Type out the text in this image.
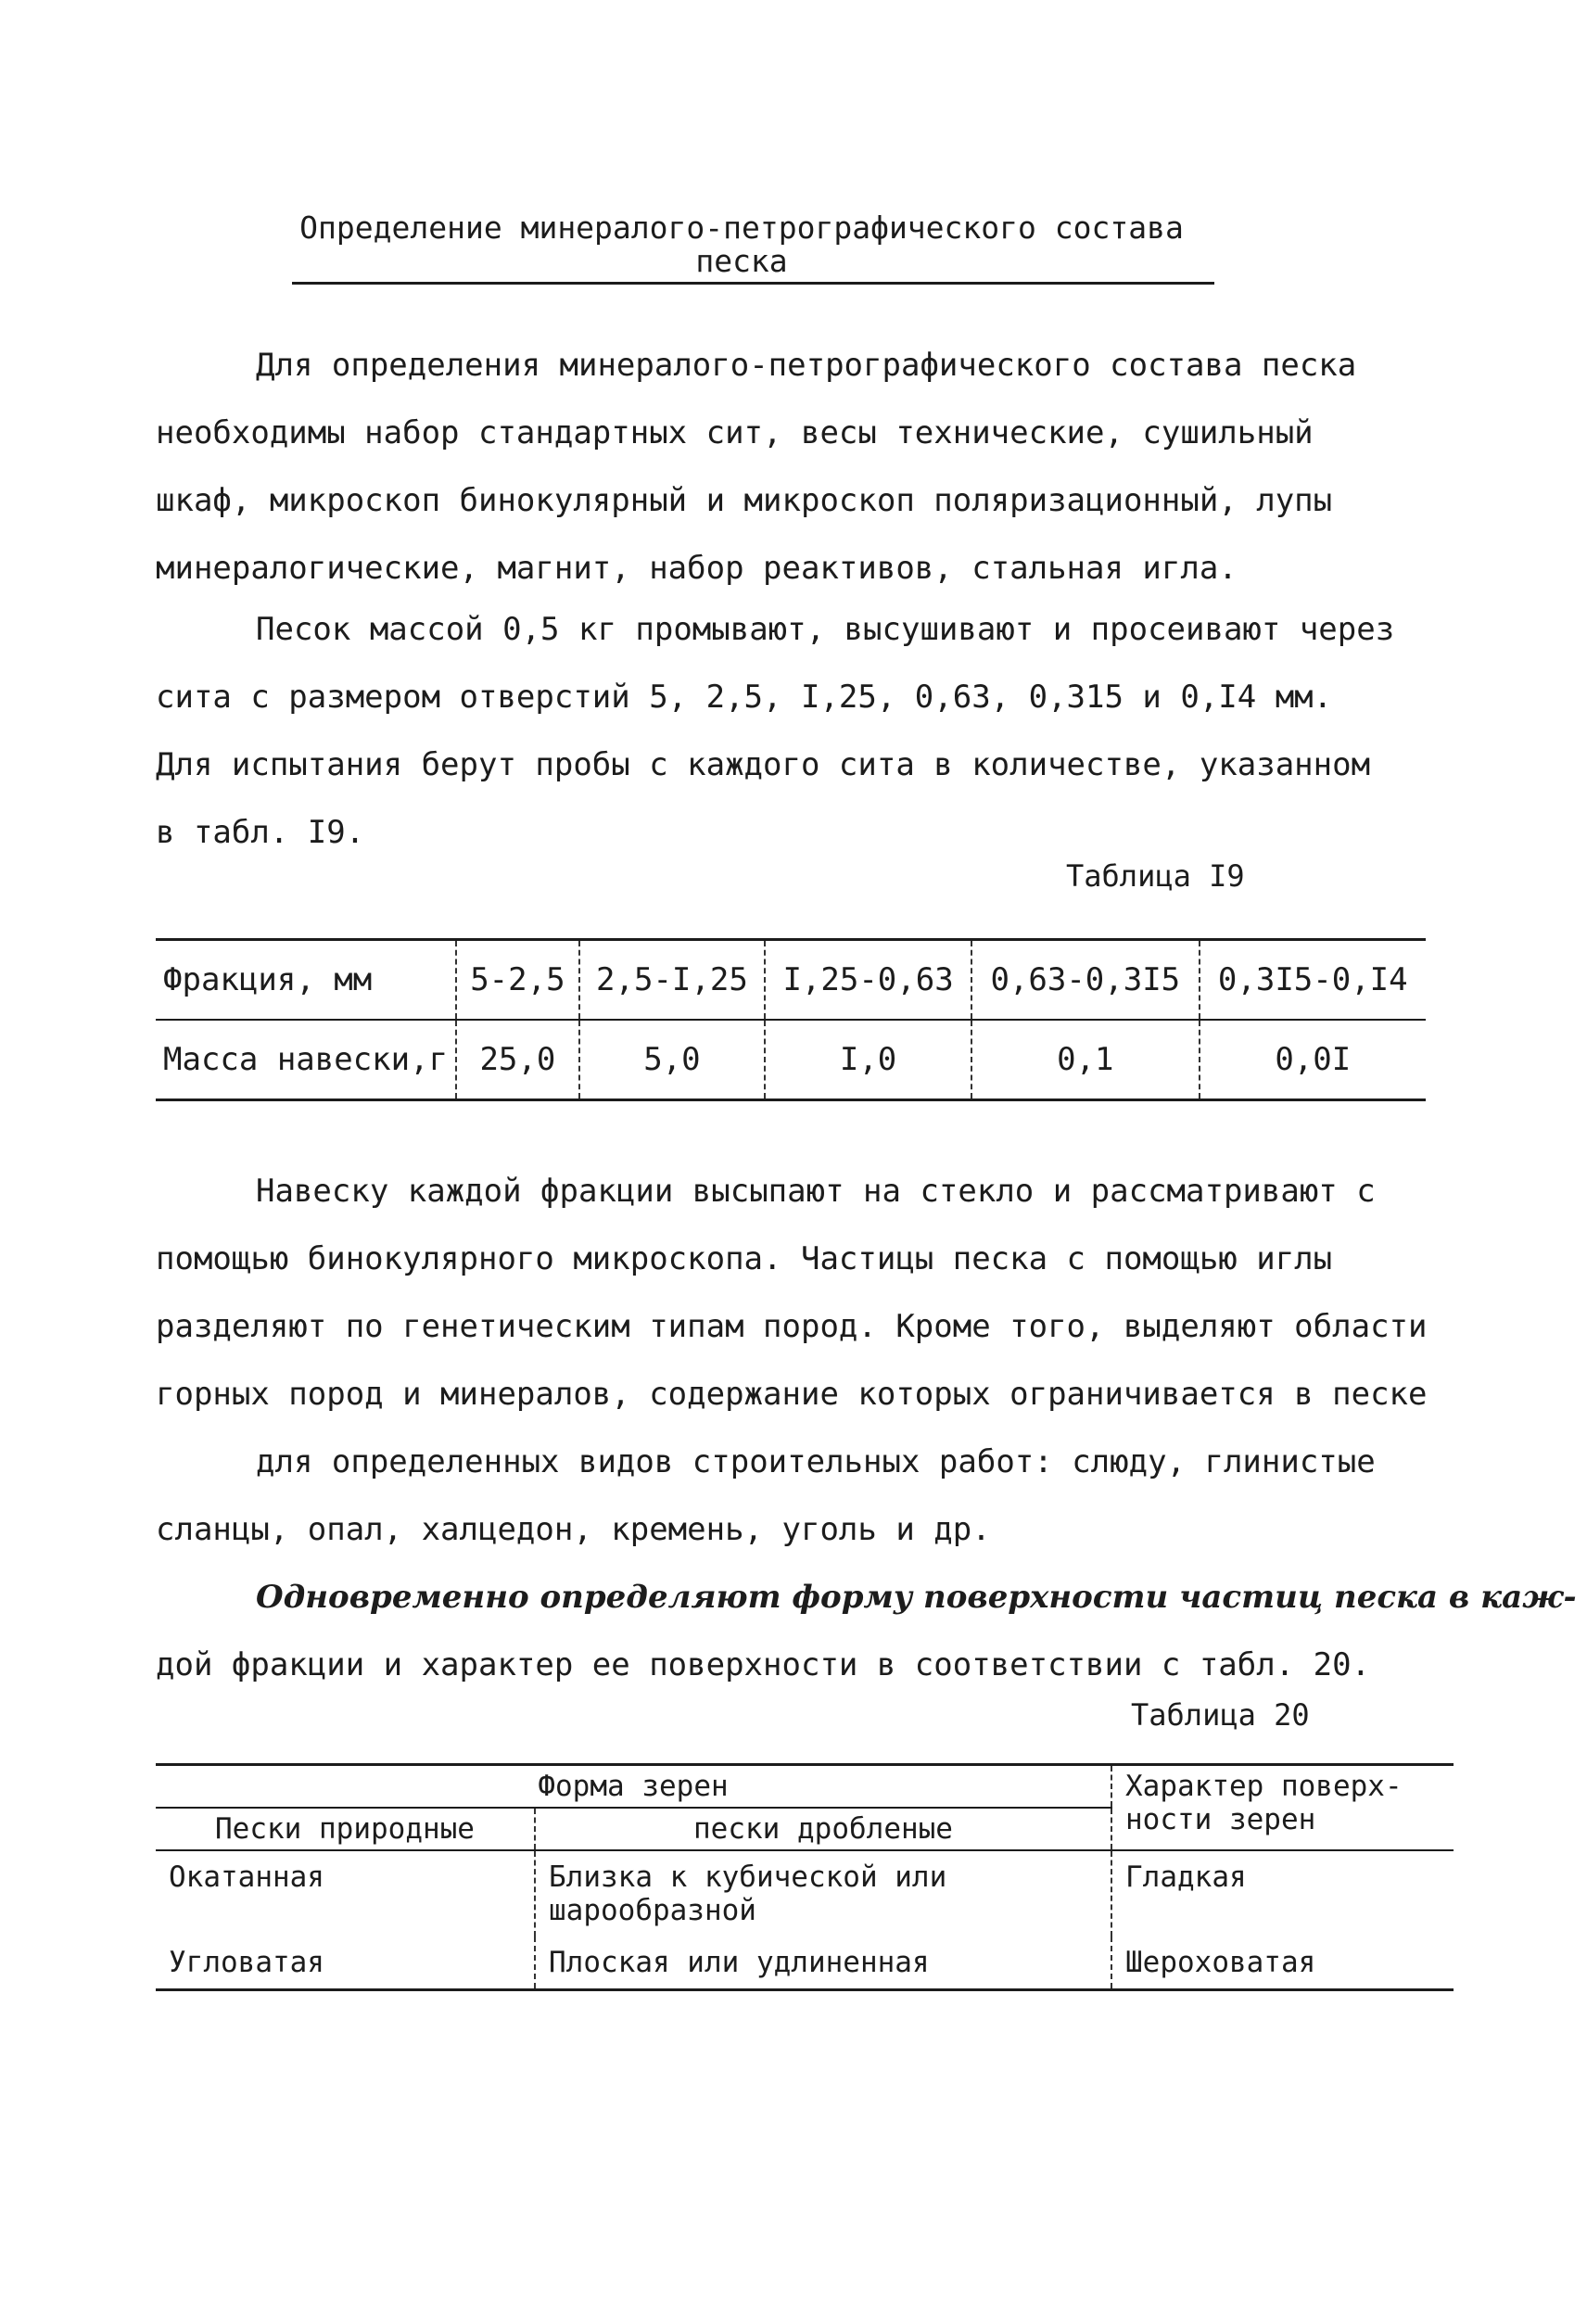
Определение минералого-петрографического состава
песка
Для определения минералого-петрографического состава песка
необходимы набор стандартных сит, весы технические, сушильный
шкаф, микроскоп бинокулярный и микроскоп поляризационный, лупы
минералогические, магнит, набор реактивов, стальная игла.
Песок массой 0,5 кг промывают, высушивают и просеивают через
сита с размером отверстий 5, 2,5, I,25, 0,63, 0,315 и 0,I4 мм.
Для испытания берут пробы с каждого сита в количестве, указанном
в табл. I9.
Таблица I9
Фракция, мм	5-2,5	2,5-I,25	I,25-0,63	0,63-0,3I5	0,3I5-0,I4
Масса навески,г	25,0	5,0	I,0	0,1	0,0I
Навеску каждой фракции высыпают на стекло и рассматривают с
помощью бинокулярного микроскопа. Частицы песка с помощью иглы
разделяют по генетическим типам пород. Кроме того, выделяют области
горных пород и минералов, содержание которых ограничивается в песке
для определенных видов строительных работ: слюду, глинистые
сланцы, опал, халцедон, кремень, уголь и др.
Одновременно определяют форму поверхности частиц песка в каж-
дой фракции и характер ее поверхности в соответствии с табл. 20.
Таблица 20
Форма зерен		Характер поверх- ности зерен
Пески природные	пески дробленые	
Окатанная	Близка к кубической или шарообразной	Гладкая
Угловатая	Плоская или удлиненная	Шероховатая
